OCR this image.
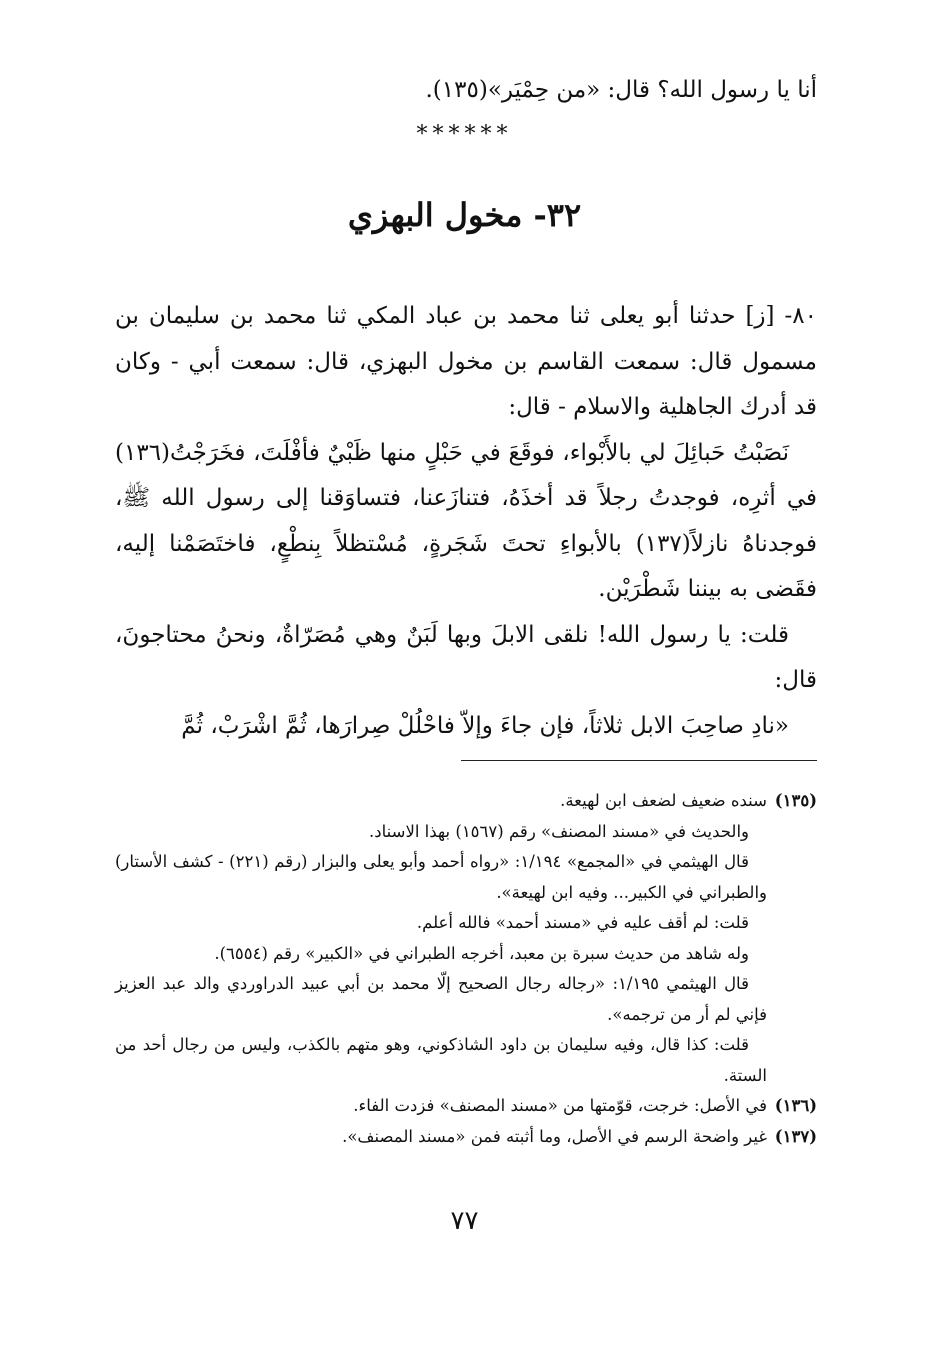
أنا يا رسول الله؟ قال: «من حِمْيَر»(١٣٥).
******
٣٢- مخول البهزي

٨٠- [ز] حدثنا أبو يعلى ثنا محمد بن عباد المكي ثنا محمد بن سليمان بن مسمول قال: سمعت القاسم بن مخول البهزي، قال: سمعت أبي - وكان قد أدرك الجاهلية والاسلام - قال:

نَصَبْتُ حَبائِلَ لي بالأَبْواء، فوقَعَ في حَبْلٍ منها ظَبْيٌ فأفْلَتَ، فخَرَجْتُ(١٣٦) في أثرِه، فوجدتُ رجلاً قد أخذَهُ، فتنازَعنا، فتساوَقنا إلى رسول الله ﷺ، فوجدناهُ نازلاً(١٣٧) بالأبواءِ تحتَ شَجَرةٍ، مُسْتظلاً بِنطْعٍ، فاختَصَمْنا إليه، فقَضى به بيننا شَطْرَيْن.

قلت: يا رسول الله! نلقى الابلَ وبها لَبَنٌ وهي مُصَرّاةٌ، ونحنُ محتاجونَ، قال:

«نادِ صاحِبَ الابل ثلاثاً، فإن جاءَ وإلاّ فاحْلُلْ صِرارَها، ثُمَّ اشْرَبْ، ثُمَّ

(١٣٥)

سنده ضعيف لضعف ابن لهيعة.

والحديث في «مسند المصنف» رقم (١٥٦٧) بهذا الاسناد.

قال الهيثمي في «المجمع» ١/١٩٤: «رواه أحمد وأبو يعلى والبزار (رقم (٢٢١) - كشف الأستار) والطبراني في الكبير... وفيه ابن لهيعة».

قلت: لم أقف عليه في «مسند أحمد» فالله أعلم.

وله شاهد من حديث سبرة بن معبد، أخرجه الطبراني في «الكبير» رقم (٦٥٥٤).

قال الهيثمي ١/١٩٥: «رجاله رجال الصحيح إلّا محمد بن أبي عبيد الدراوردي والد عبد العزيز فإني لم أر من ترجمه».

قلت: كذا قال، وفيه سليمان بن داود الشاذكوني، وهو متهم بالكذب، وليس من رجال أحد من الستة.

(١٣٦)

في الأصل: خرجت، قوّمتها من «مسند المصنف» فزدت الفاء.

(١٣٧)

غير واضحة الرسم في الأصل، وما أثبته فمن «مسند المصنف».

٧٧
